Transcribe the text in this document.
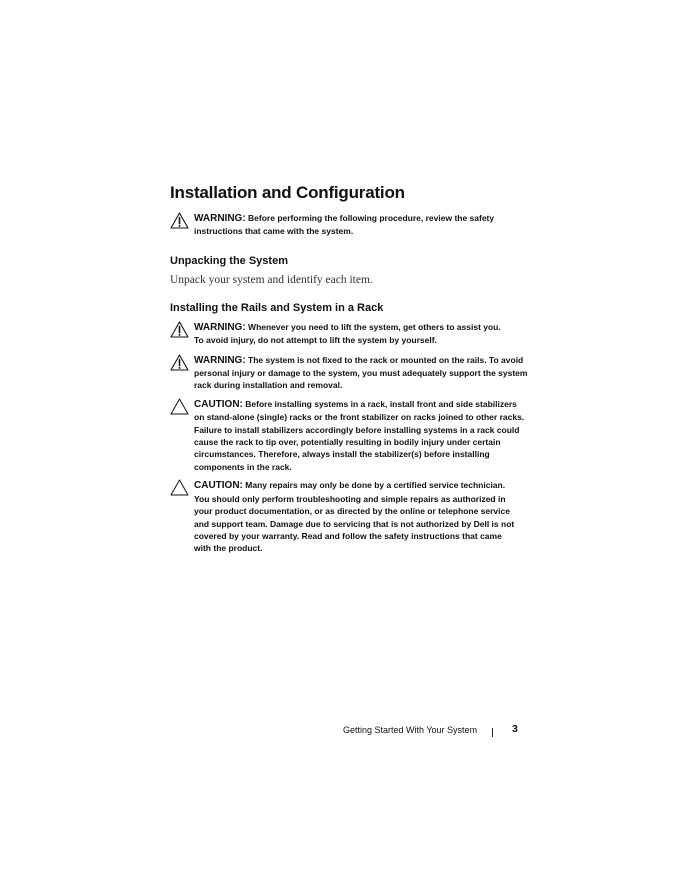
Installation and Configuration
WARNING: Before performing the following procedure, review the safety
instructions that came with the system.
Unpacking the System

Unpack your system and identify each item.

Installing the Rails and System in a Rack
WARNING: Whenever you need to lift the system, get others to assist you.
To avoid injury, do not attempt to lift the system by yourself.
WARNING: The system is not fixed to the rack or mounted on the rails. To avoid
personal injury or damage to the system, you must adequately support the system
rack during installation and removal.
CAUTION: Before installing systems in a rack, install front and side stabilizers
on stand-alone (single) racks or the front stabilizer on racks joined to other racks.
Failure to install stabilizers accordingly before installing systems in a rack could
cause the rack to tip over, potentially resulting in bodily injury under certain
circumstances. Therefore, always install the stabilizer(s) before installing
components in the rack.
CAUTION: Many repairs may only be done by a certified service technician.
You should only perform troubleshooting and simple repairs as authorized in
your product documentation, or as directed by the online or telephone service
and support team. Damage due to servicing that is not authorized by Dell is not
covered by your warranty. Read and follow the safety instructions that came
with the product.
Getting Started With Your System	3
